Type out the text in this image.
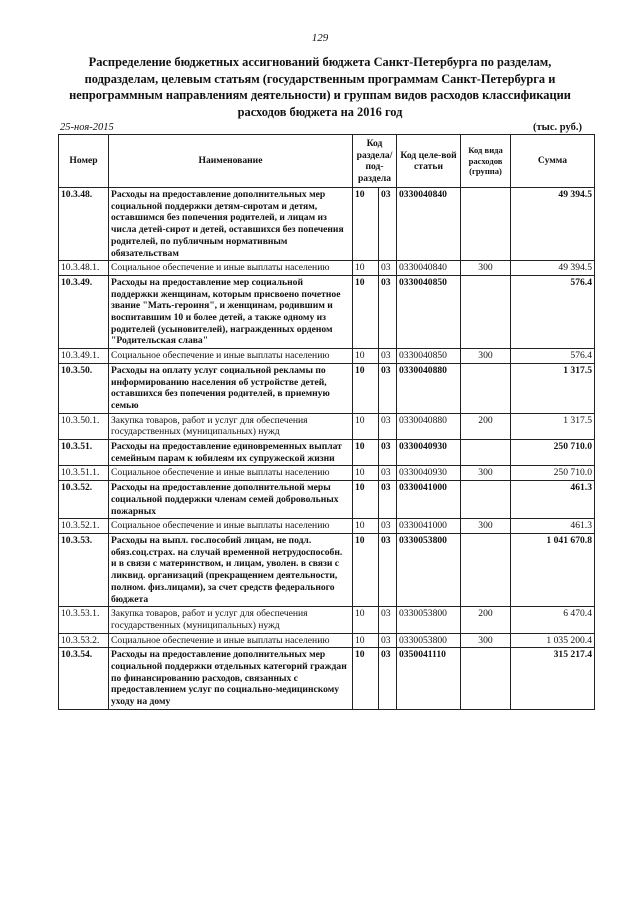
129
Распределение бюджетных ассигнований бюджета Санкт-Петербурга по разделам, подразделам, целевым статьям (государственным программам Санкт-Петербурга и непрограммным направлениям деятельности) и группам видов расходов классификации расходов бюджета на 2016 год
25-ноя-2015	(тыс. руб.)
Номер	Наименование	Код раздела/ под-раздела		Код целе-вой статьи	Код вида расходов (группа)	Сумма
10.3.48.	Расходы на предоставление дополнительных мер социальной поддержки детям-сиротам и детям, оставшимся без попечения родителей, и лицам из числа детей-сирот и детей, оставшихся без попечения родителей, по публичным нормативным обязательствам	10	03	0330040840		49 394.5
10.3.48.1.	Социальное обеспечение и иные выплаты населению	10	03	0330040840	300	49 394.5
10.3.49.	Расходы на предоставление мер социальной поддержки женщинам, которым присвоено почетное звание "Мать-героиня", и женщинам, родившим и воспитавшим 10 и более детей, а также одному из родителей (усыновителей), награжденных орденом "Родительская слава"	10	03	0330040850		576.4
10.3.49.1.	Социальное обеспечение и иные выплаты населению	10	03	0330040850	300	576.4
10.3.50.	Расходы на оплату услуг социальной рекламы по информированию населения об устройстве детей, оставшихся без попечения родителей, в приемную семью	10	03	0330040880		1 317.5
10.3.50.1.	Закупка товаров, работ и услуг для обеспечения государственных (муниципальных) нужд	10	03	0330040880	200	1 317.5
10.3.51.	Расходы на предоставление единовременных выплат семейным парам к юбилеям их супружеской жизни	10	03	0330040930		250 710.0
10.3.51.1.	Социальное обеспечение и иные выплаты населению	10	03	0330040930	300	250 710.0
10.3.52.	Расходы на предоставление дополнительной меры социальной поддержки членам семей добровольных пожарных	10	03	0330041000		461.3
10.3.52.1.	Социальное обеспечение и иные выплаты населению	10	03	0330041000	300	461.3
10.3.53.	Расходы на выпл. гос.пособий лицам, не подл. обяз.соц.страх. на случай временной нетрудоспособн. и в связи с материнством, и лицам, уволен. в связи с ликвид. организаций (прекращением деятельности, полном. физ.лицами), за счет средств федерального бюджета	10	03	0330053800		1 041 670.8
10.3.53.1.	Закупка товаров, работ и услуг для обеспечения государственных (муниципальных) нужд	10	03	0330053800	200	6 470.4
10.3.53.2.	Социальное обеспечение и иные выплаты населению	10	03	0330053800	300	1 035 200.4
10.3.54.	Расходы на предоставление дополнительных мер социальной поддержки отдельных категорий граждан по финансированию расходов, связанных с предоставлением услуг по социально-медицинскому уходу на дому	10	03	0350041110		315 217.4
